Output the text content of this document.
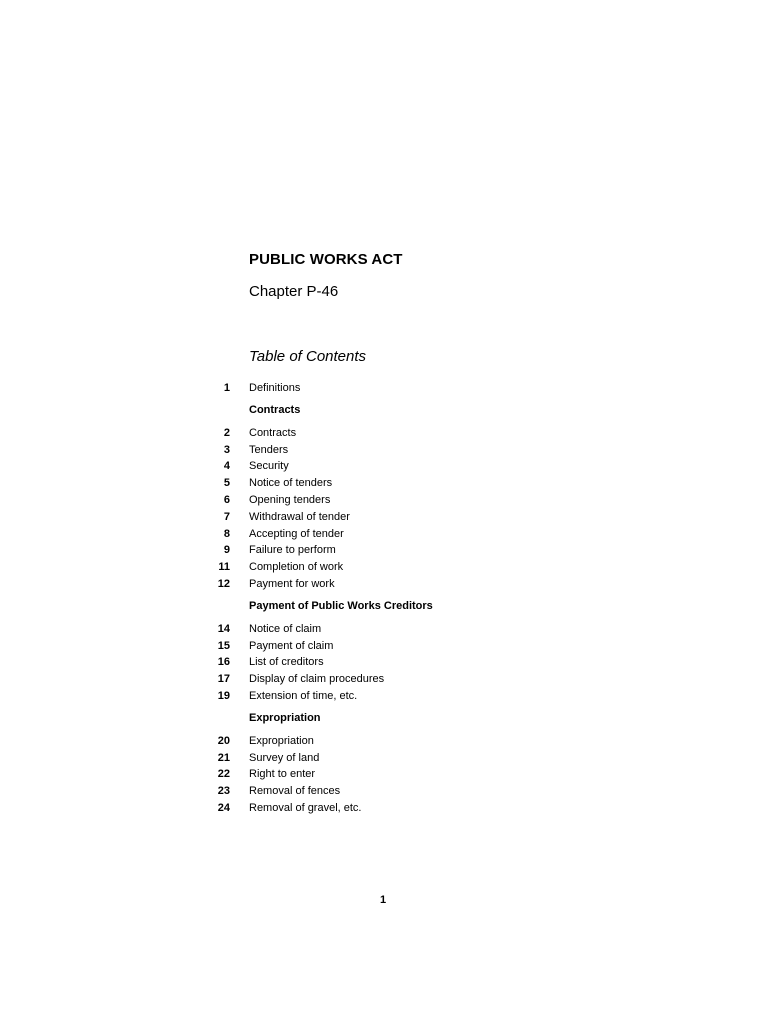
PUBLIC WORKS ACT
Chapter P-46
Table of Contents
1 Definitions
Contracts
2 Contracts
3 Tenders
4 Security
5 Notice of tenders
6 Opening tenders
7 Withdrawal of tender
8 Accepting of tender
9 Failure to perform
11 Completion of work
12 Payment for work
Payment of Public Works Creditors
14 Notice of claim
15 Payment of claim
16 List of creditors
17 Display of claim procedures
19 Extension of time, etc.
Expropriation
20 Expropriation
21 Survey of land
22 Right to enter
23 Removal of fences
24 Removal of gravel, etc.
1
